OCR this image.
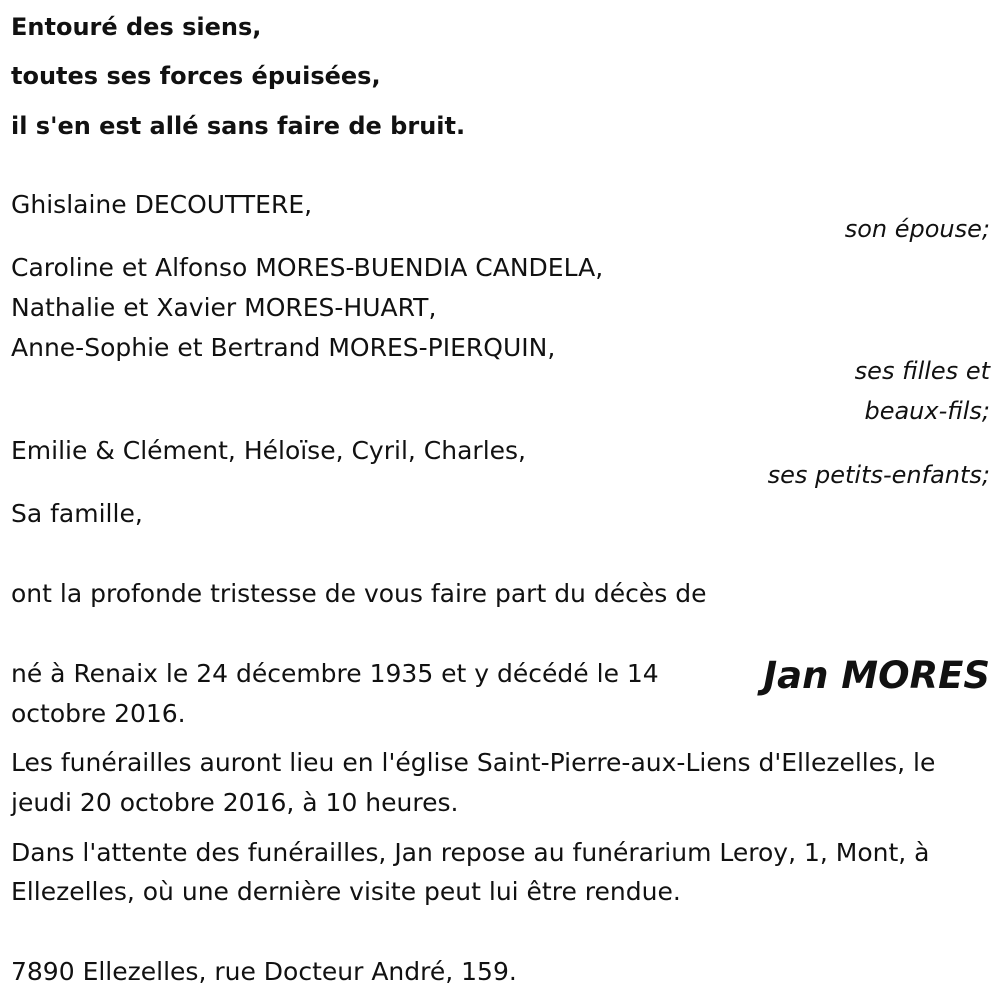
Entouré des siens,
toutes ses forces épuisées,
il s'en est allé sans faire de bruit.
Ghislaine DECOUTTERE,
son épouse;
Caroline et Alfonso MORES-BUENDIA CANDELA,
Nathalie et Xavier MORES-HUART,
Anne-Sophie et Bertrand MORES-PIERQUIN,
ses filles et
beaux-fils;
Emilie & Clément, Héloïse, Cyril, Charles,
ses petits-enfants;
Sa famille,
ont la profonde tristesse de vous faire part du décès de
né à Renaix le 24 décembre 1935 et y décédé le 14	Jan MORES
octobre 2016.
Les funérailles auront lieu en l'église Saint-Pierre-aux-Liens d'Ellezelles, le
jeudi 20 octobre 2016, à 10 heures.
Dans l'attente des funérailles, Jan repose au funérarium Leroy, 1, Mont, à
Ellezelles, où une dernière visite peut lui être rendue.
7890 Ellezelles, rue Docteur André, 159.
